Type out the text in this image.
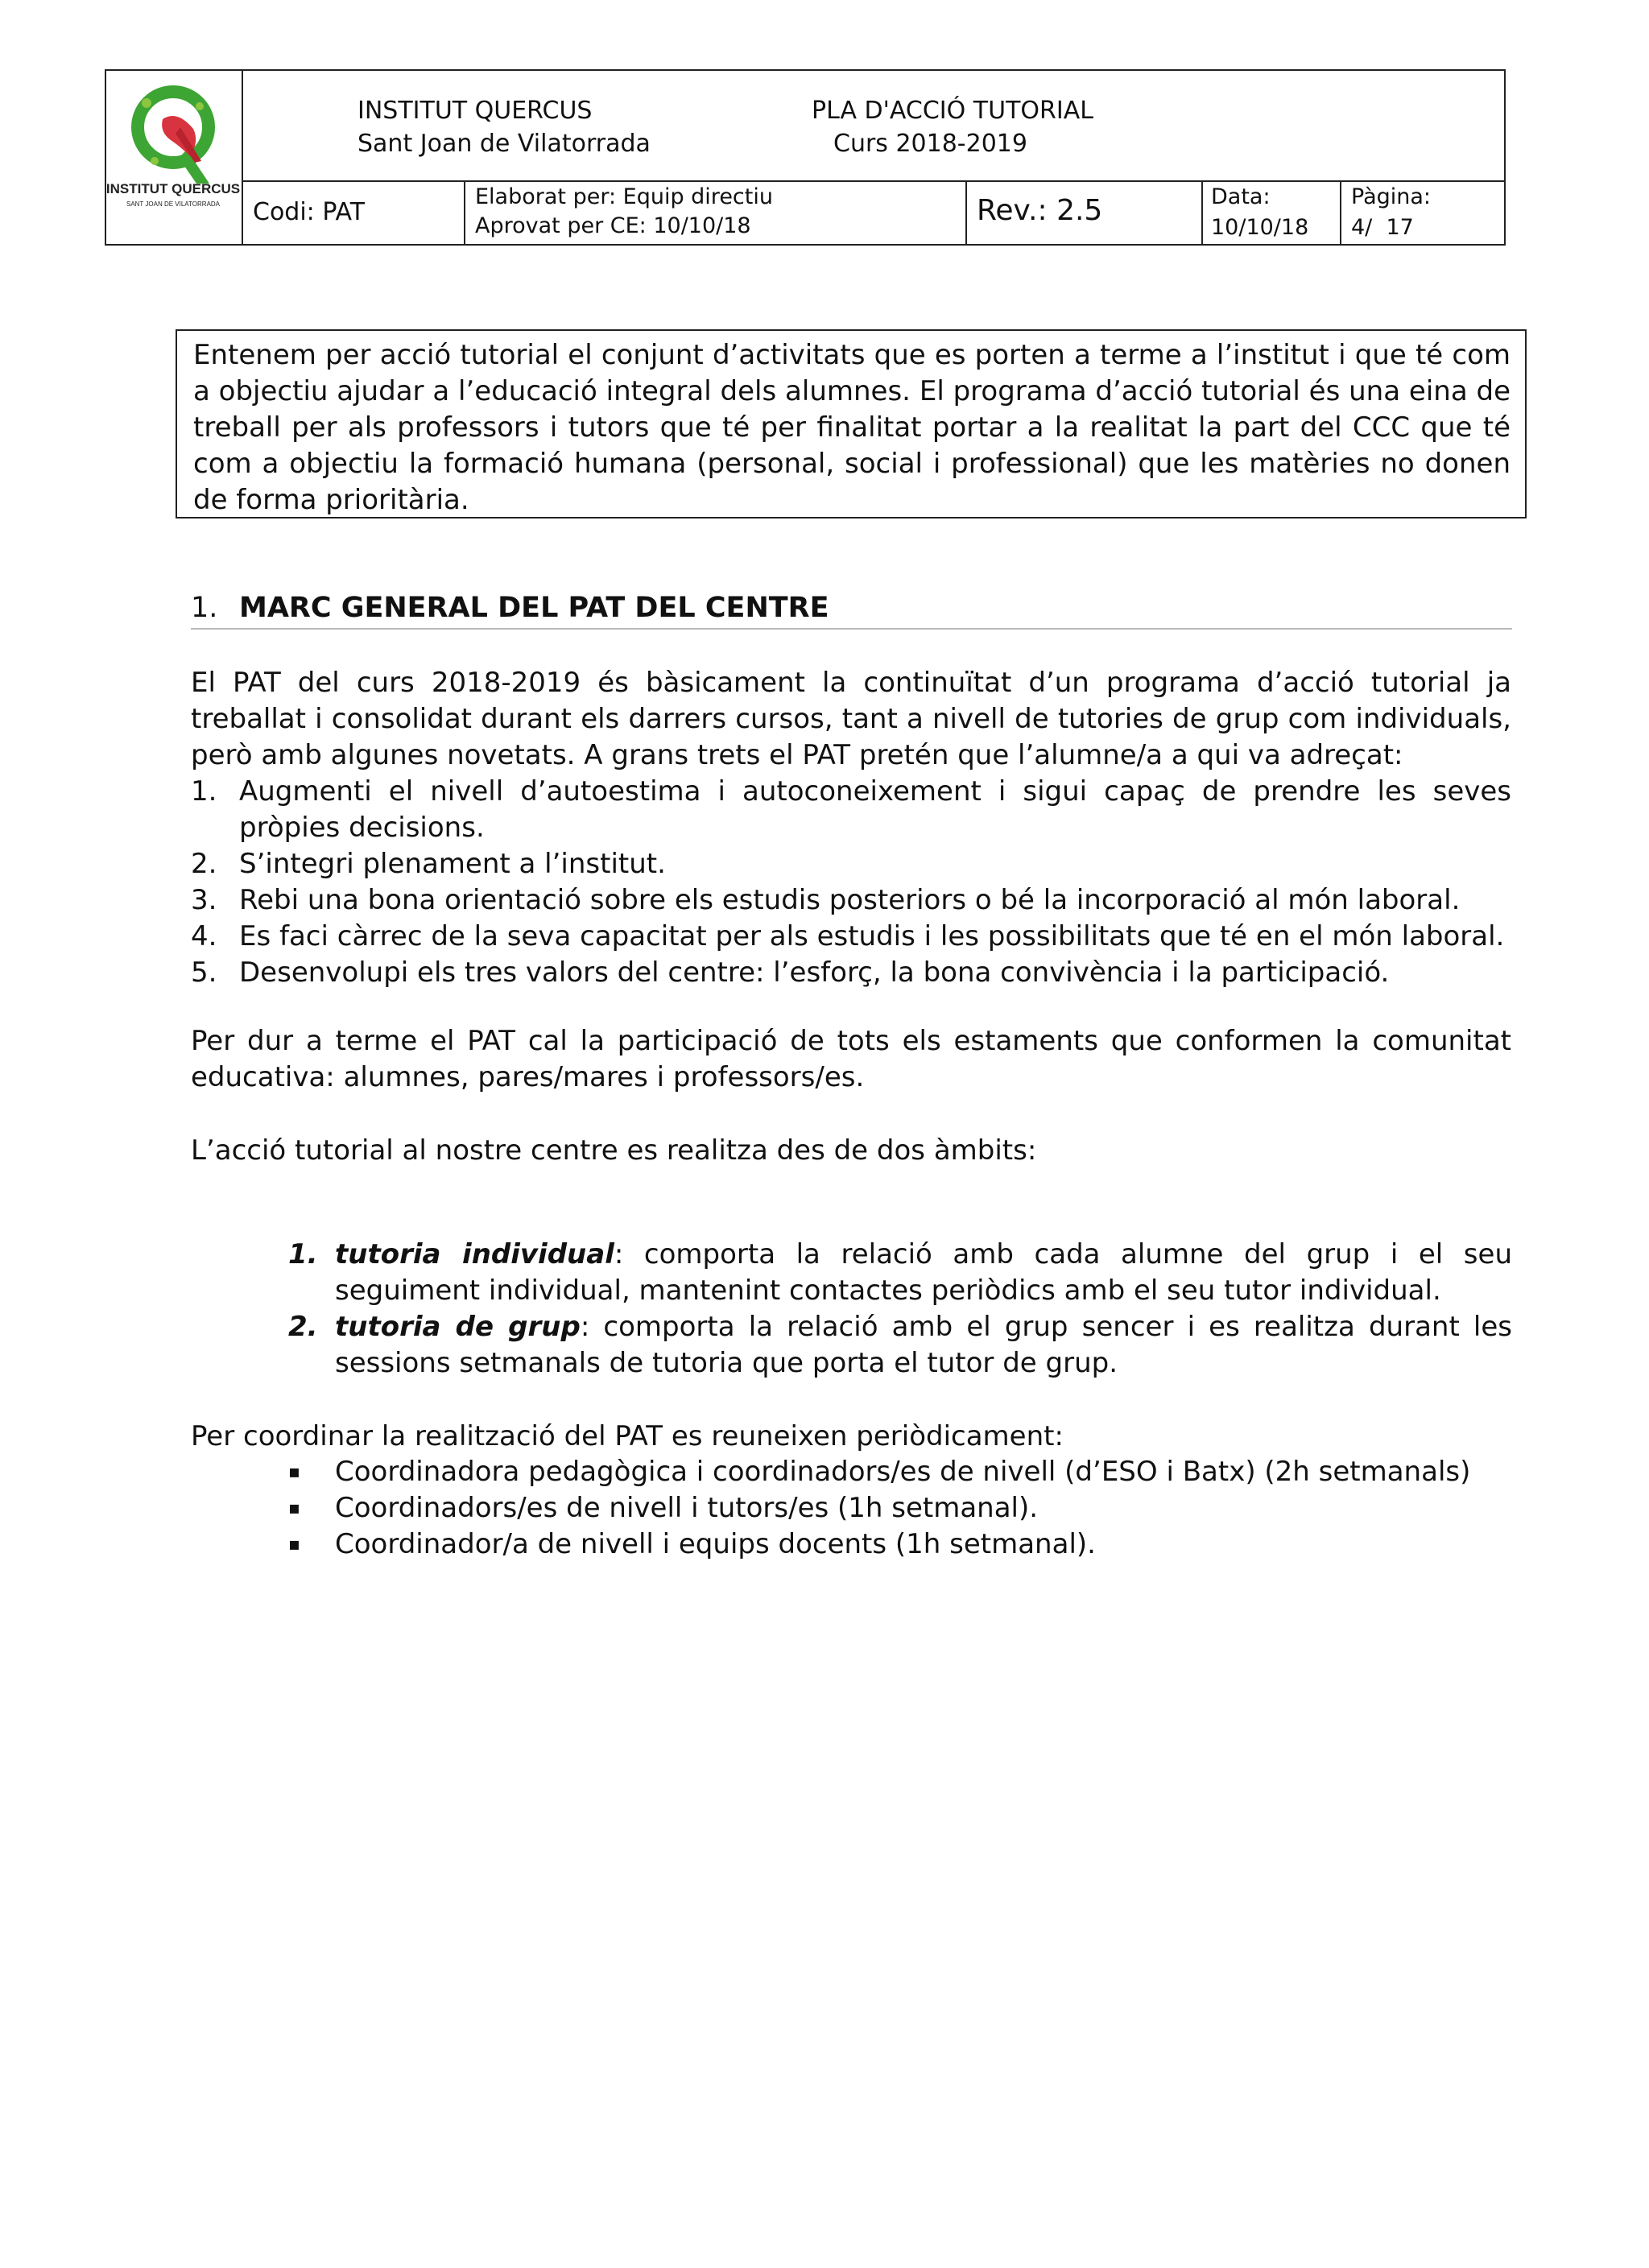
INSTITUT QUERCUS
SANT JOAN DE VILATORRADA
INSTITUT QUERCUS
Sant Joan de Vilatorrada
PLA D'ACCIÓ TUTORIAL
Curs 2018-2019
Codi: PAT
Elaborat per: Equip directiu
Aprovat per CE: 10/10/18	Rev.: 2.5	Data:
10/10/18
Pàgina:
4/  17
Entenem per acció tutorial el conjunt d’activitats que es porten a terme a l’institut i que té com a objectiu ajudar a l’educació integral dels alumnes. El programa d’acció tutorial és una eina de treball per als professors i tutors que té per finalitat portar a la realitat la part del CCC que té com a objectiu la formació humana (personal, social i professional) que les matèries no donen de forma prioritària.
1. MARC GENERAL DEL PAT DEL CENTRE
El PAT del curs 2018-2019 és bàsicament la continuïtat d’un programa d’acció tutorial ja treballat i consolidat durant els darrers cursos, tant a nivell de tutories de grup com individuals, però amb algunes novetats. A grans trets el PAT pretén que l’alumne/a a qui va adreçat:
1. Augmenti el nivell d’autoestima i autoconeixement i sigui capaç de prendre les seves pròpies decisions.
2. S’integri plenament a l’institut.
3. Rebi una bona orientació sobre els estudis posteriors o bé la incorporació al món laboral.
4. Es faci càrrec de la seva capacitat per als estudis i les possibilitats que té en el món laboral.
5. Desenvolupi els tres valors del centre: l’esforç, la bona convivència i la participació.
Per dur a terme el PAT cal la participació de tots els estaments que conformen la comunitat educativa: alumnes, pares/mares i professors/es.
L’acció tutorial al nostre centre es realitza des de dos àmbits:
1. tutoria individual: comporta la relació amb cada alumne del grup i el seu seguiment individual, mantenint contactes periòdics amb el seu tutor individual.
2. tutoria de grup: comporta la relació amb el grup sencer i es realitza durant les sessions setmanals de tutoria que porta el tutor de grup.
Per coordinar la realització del PAT es reuneixen periòdicament:
▪ Coordinadora pedagògica i coordinadors/es de nivell (d’ESO i Batx) (2h setmanals)
▪ Coordinadors/es de nivell i tutors/es (1h setmanal).
▪ Coordinador/a de nivell i equips docents (1h setmanal).
